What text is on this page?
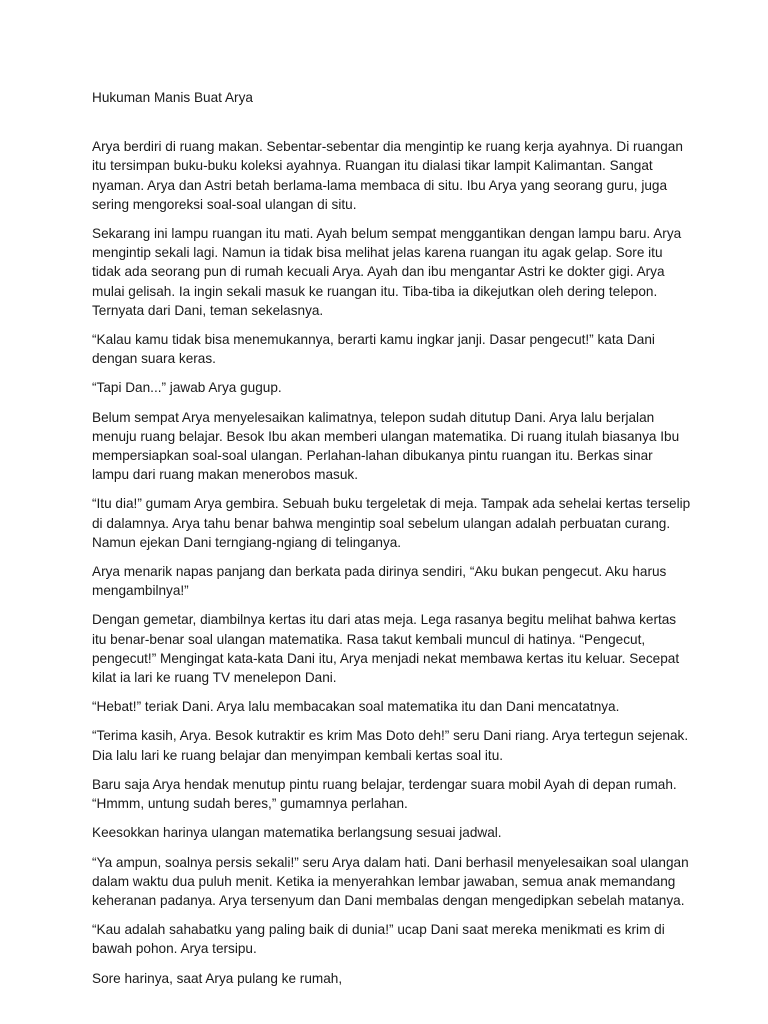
Hukuman Manis Buat Arya

Arya berdiri di ruang makan. Sebentar-sebentar dia mengintip ke ruang kerja ayahnya. Di ruangan itu tersimpan buku-buku koleksi ayahnya. Ruangan itu dialasi tikar lampit Kalimantan. Sangat nyaman. Arya dan Astri betah berlama-lama membaca di situ. Ibu Arya yang seorang guru, juga sering mengoreksi soal-soal ulangan di situ.

Sekarang ini lampu ruangan itu mati. Ayah belum sempat menggantikan dengan lampu baru. Arya mengintip sekali lagi. Namun ia tidak bisa melihat jelas karena ruangan itu agak gelap. Sore itu tidak ada seorang pun di rumah kecuali Arya. Ayah dan ibu mengantar Astri ke dokter gigi. Arya mulai gelisah. Ia ingin sekali masuk ke ruangan itu. Tiba-tiba ia dikejutkan oleh dering telepon. Ternyata dari Dani, teman sekelasnya.

“Kalau kamu tidak bisa menemukannya, berarti kamu ingkar janji. Dasar pengecut!” kata Dani dengan suara keras.

“Tapi Dan...” jawab Arya gugup.

Belum sempat Arya menyelesaikan kalimatnya, telepon sudah ditutup Dani. Arya lalu berjalan menuju ruang belajar. Besok Ibu akan memberi ulangan matematika. Di ruang itulah biasanya Ibu mempersiapkan soal-soal ulangan. Perlahan-lahan dibukanya pintu ruangan itu. Berkas sinar lampu dari ruang makan menerobos masuk.

“Itu dia!” gumam Arya gembira. Sebuah buku tergeletak di meja. Tampak ada sehelai kertas terselip di dalamnya. Arya tahu benar bahwa mengintip soal sebelum ulangan adalah perbuatan curang. Namun ejekan Dani terngiang-ngiang di telinganya.

Arya menarik napas panjang dan berkata pada dirinya sendiri, “Aku bukan pengecut. Aku harus mengambilnya!”

Dengan gemetar, diambilnya kertas itu dari atas meja. Lega rasanya begitu melihat bahwa kertas itu benar-benar soal ulangan matematika. Rasa takut kembali muncul di hatinya. “Pengecut, pengecut!” Mengingat kata-kata Dani itu, Arya menjadi nekat membawa kertas itu keluar. Secepat kilat ia lari ke ruang TV menelepon Dani.

“Hebat!” teriak Dani. Arya lalu membacakan soal matematika itu dan Dani mencatatnya.

“Terima kasih, Arya. Besok kutraktir es krim Mas Doto deh!” seru Dani riang. Arya tertegun sejenak. Dia lalu lari ke ruang belajar dan menyimpan kembali kertas soal itu.

Baru saja Arya hendak menutup pintu ruang belajar, terdengar suara mobil Ayah di depan rumah. “Hmmm, untung sudah beres,” gumamnya perlahan.

Keesokkan harinya ulangan matematika berlangsung sesuai jadwal.

“Ya ampun, soalnya persis sekali!” seru Arya dalam hati. Dani berhasil menyelesaikan soal ulangan dalam waktu dua puluh menit. Ketika ia menyerahkan lembar jawaban, semua anak memandang keheranan padanya. Arya tersenyum dan Dani membalas dengan mengedipkan sebelah matanya.

“Kau adalah sahabatku yang paling baik di dunia!” ucap Dani saat mereka menikmati es krim di bawah pohon. Arya tersipu.

Sore harinya, saat Arya pulang ke rumah,
